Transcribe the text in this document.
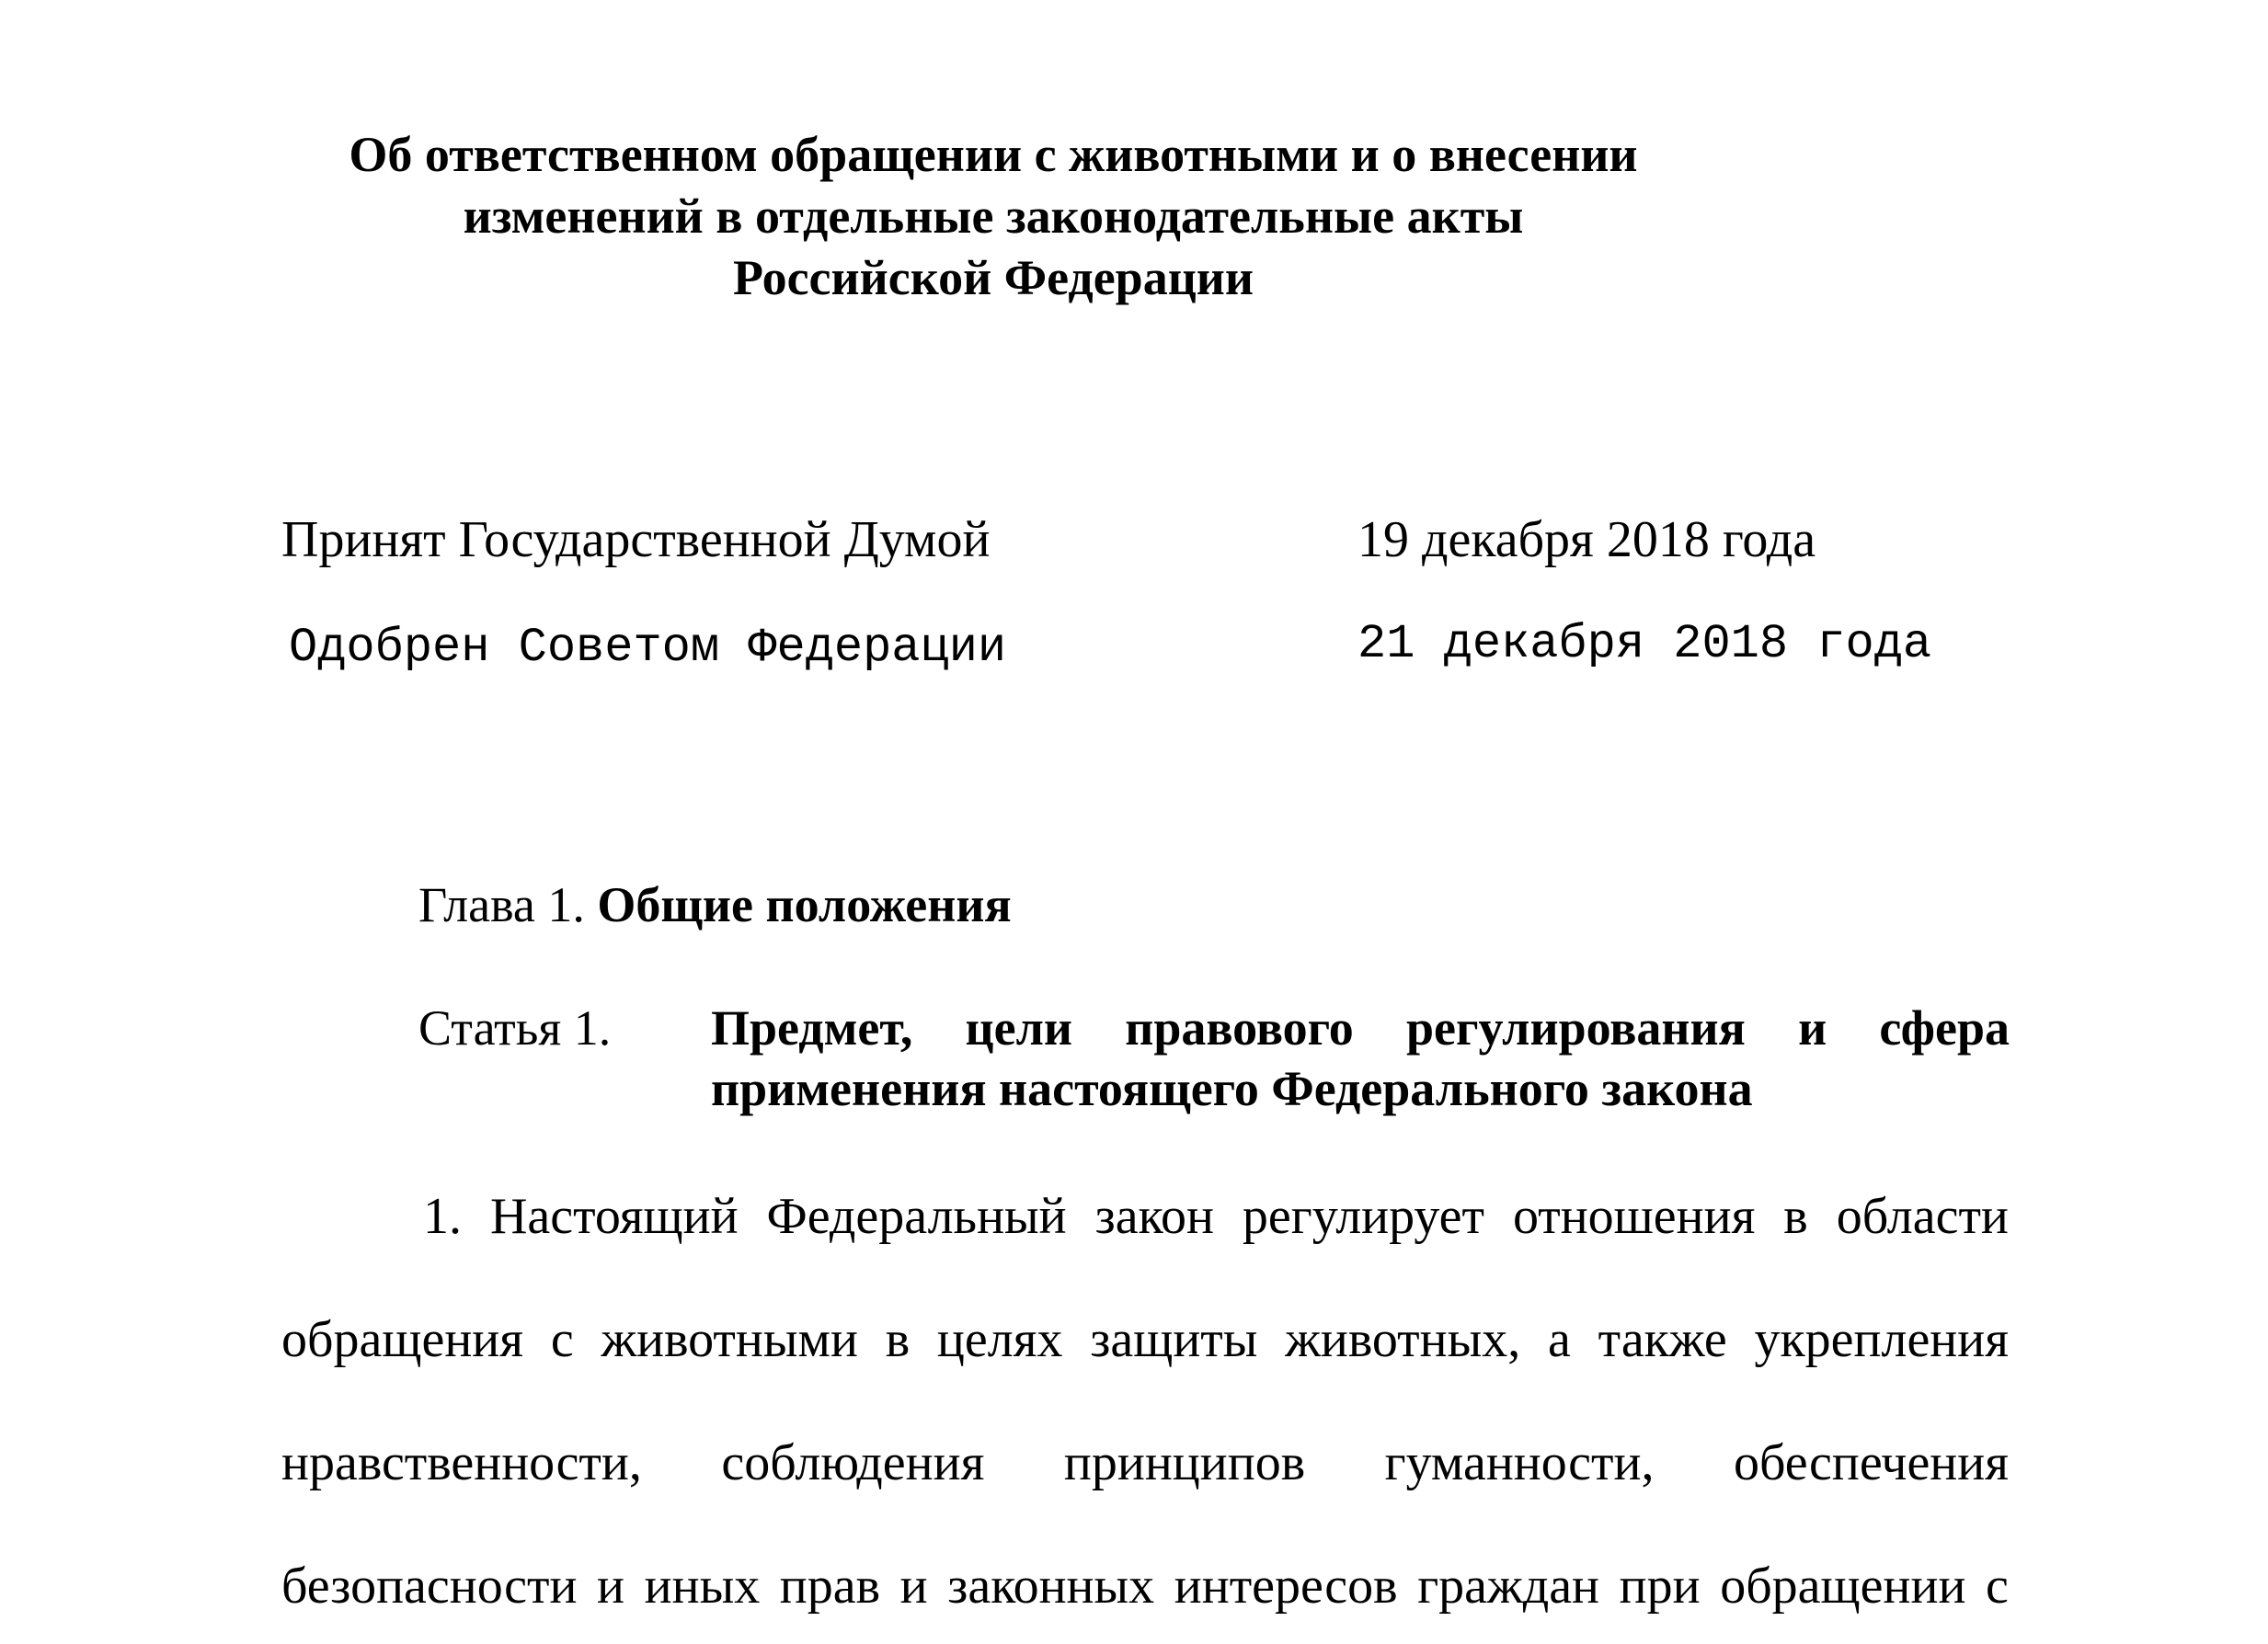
Об ответственном обращении с животными и о внесении
изменений в отдельные законодательные акты
Российской Федерации
Принят Государственной Думой	19 декабря 2018 года
Одобрен Советом Федерации	21 декабря 2018 года
Глава 1. Общие положения
Статья 1. Предмет, цели правового регулирования и сфера применения настоящего Федерального закона
1. Настоящий Федеральный закон регулирует отношения в области
обращения с животными в целях защиты животных, а также укрепления
нравственности, соблюдения принципов гуманности, обеспечения
безопасности и иных прав и законных интересов граждан при обращении с
